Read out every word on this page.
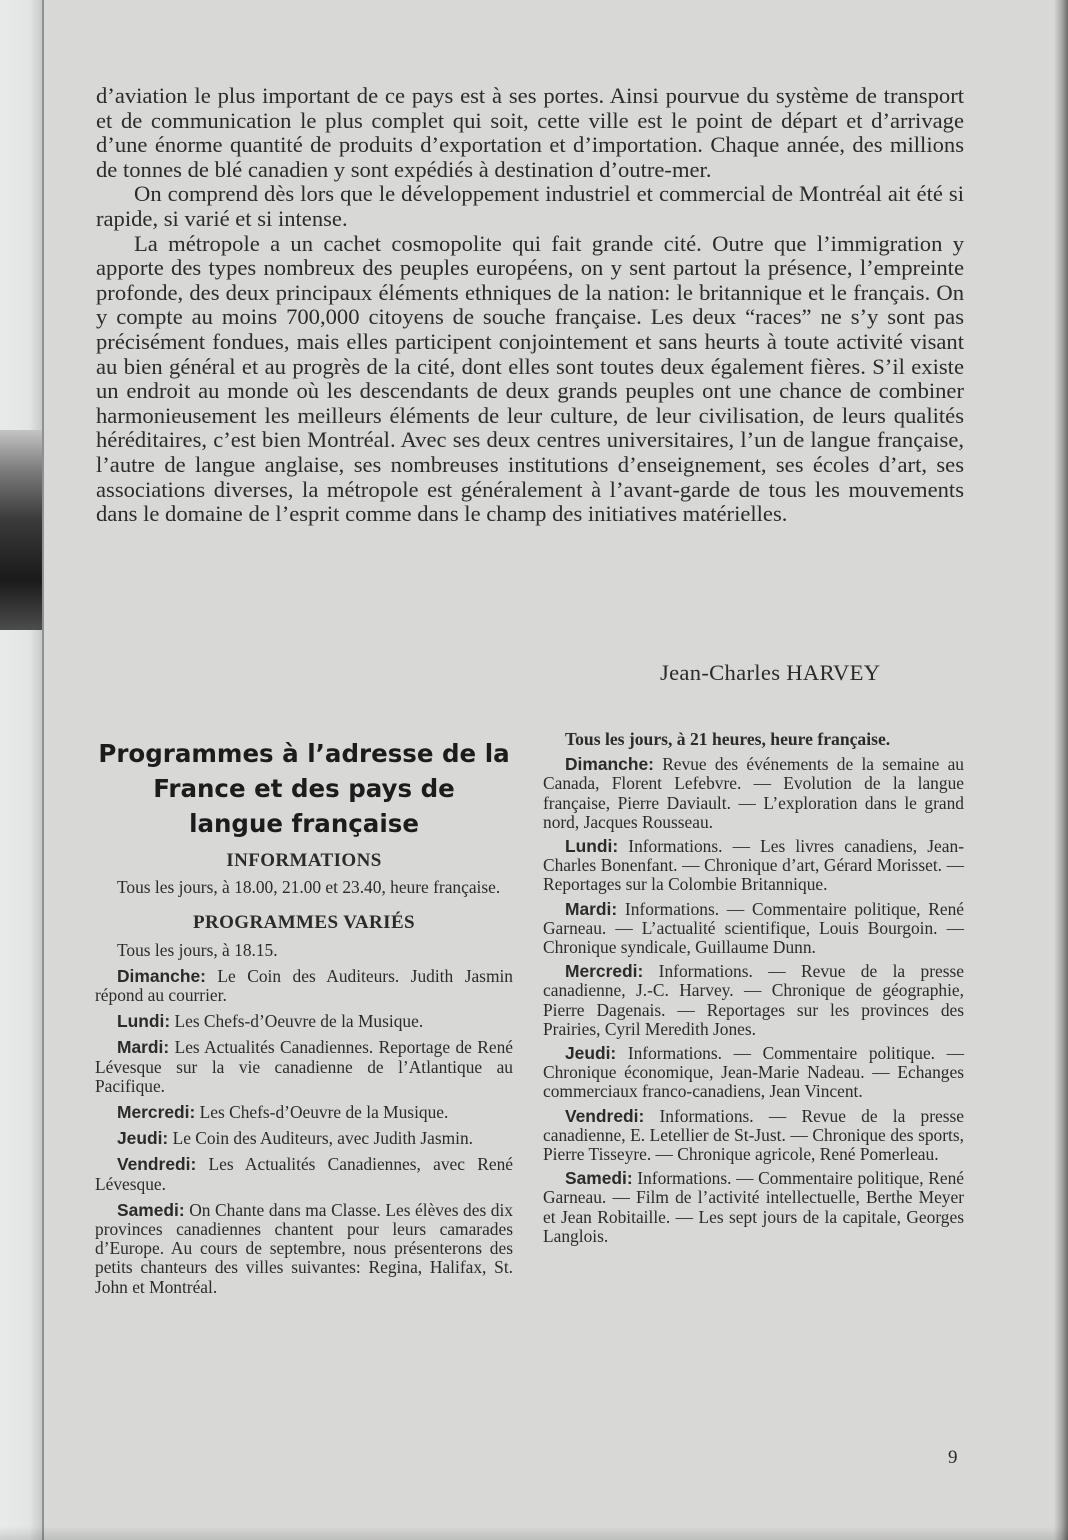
d’aviation le plus important de ce pays est à ses portes. Ainsi pourvue du système de transport et de communication le plus complet qui soit, cette ville est le point de départ et d’arrivage d’une énorme quantité de produits d’exportation et d’importation. Chaque année, des millions de tonnes de blé canadien y sont expédiés à destination d’outre-mer.

On comprend dès lors que le développement industriel et commercial de Montréal ait été si rapide, si varié et si intense.

La métropole a un cachet cosmopolite qui fait grande cité. Outre que l’immigration y apporte des types nombreux des peuples européens, on y sent partout la présence, l’empreinte profonde, des deux principaux éléments ethniques de la nation: le britannique et le français. On y compte au moins 700,000 citoyens de souche française. Les deux “races” ne s’y sont pas précisément fondues, mais elles participent conjointement et sans heurts à toute activité visant au bien général et au progrès de la cité, dont elles sont toutes deux également fières. S’il existe un endroit au monde où les descendants de deux grands peuples ont une chance de combiner harmonieusement les meilleurs éléments de leur culture, de leur civilisation, de leurs qualités héréditaires, c’est bien Montréal. Avec ses deux centres universitaires, l’un de langue française, l’autre de langue anglaise, ses nombreuses institutions d’enseignement, ses écoles d’art, ses associations diverses, la métropole est généralement à l’avant-garde de tous les mouvements dans le domaine de l’esprit comme dans le champ des initiatives matérielles.

Jean-Charles HARVEY
Programmes à l’adresse de la
France et des pays de
langue française
INFORMATIONS
Tous les jours, à 18.00, 21.00 et 23.40, heure française.
PROGRAMMES VARIÉS
Tous les jours, à 18.15.
Dimanche: Le Coin des Auditeurs. Judith Jasmin répond au courrier.
Lundi: Les Chefs-d’Oeuvre de la Musique.
Mardi: Les Actualités Canadiennes. Reportage de René Lévesque sur la vie canadienne de l’Atlantique au Pacifique.
Mercredi: Les Chefs-d’Oeuvre de la Musique.
Jeudi: Le Coin des Auditeurs, avec Judith Jasmin.
Vendredi: Les Actualités Canadiennes, avec René Lévesque.
Samedi: On Chante dans ma Classe. Les élèves des dix provinces canadiennes chantent pour leurs camarades d’Europe. Au cours de septembre, nous présenterons des petits chanteurs des villes suivantes: Regina, Halifax, St. John et Montréal.
Tous les jours, à 21 heures, heure française.
Dimanche: Revue des événements de la semaine au Canada, Florent Lefebvre. — Evolution de la langue française, Pierre Daviault. — L’exploration dans le grand nord, Jacques Rousseau.
Lundi: Informations. — Les livres canadiens, Jean-Charles Bonenfant. — Chronique d’art, Gérard Morisset. — Reportages sur la Colombie Britannique.
Mardi: Informations. — Commentaire politique, René Garneau. — L’actualité scientifique, Louis Bourgoin. — Chronique syndicale, Guillaume Dunn.
Mercredi: Informations. — Revue de la presse canadienne, J.-C. Harvey. — Chronique de géographie, Pierre Dagenais. — Reportages sur les provinces des Prairies, Cyril Meredith Jones.
Jeudi: Informations. — Commentaire politique. — Chronique économique, Jean-Marie Nadeau. — Echanges commerciaux franco-canadiens, Jean Vincent.
Vendredi: Informations. — Revue de la presse canadienne, E. Letellier de St-Just. — Chronique des sports, Pierre Tisseyre. — Chronique agricole, René Pomerleau.
Samedi: Informations. — Commentaire politique, René Garneau. — Film de l’activité intellectuelle, Berthe Meyer et Jean Robitaille. — Les sept jours de la capitale, Georges Langlois.
9
